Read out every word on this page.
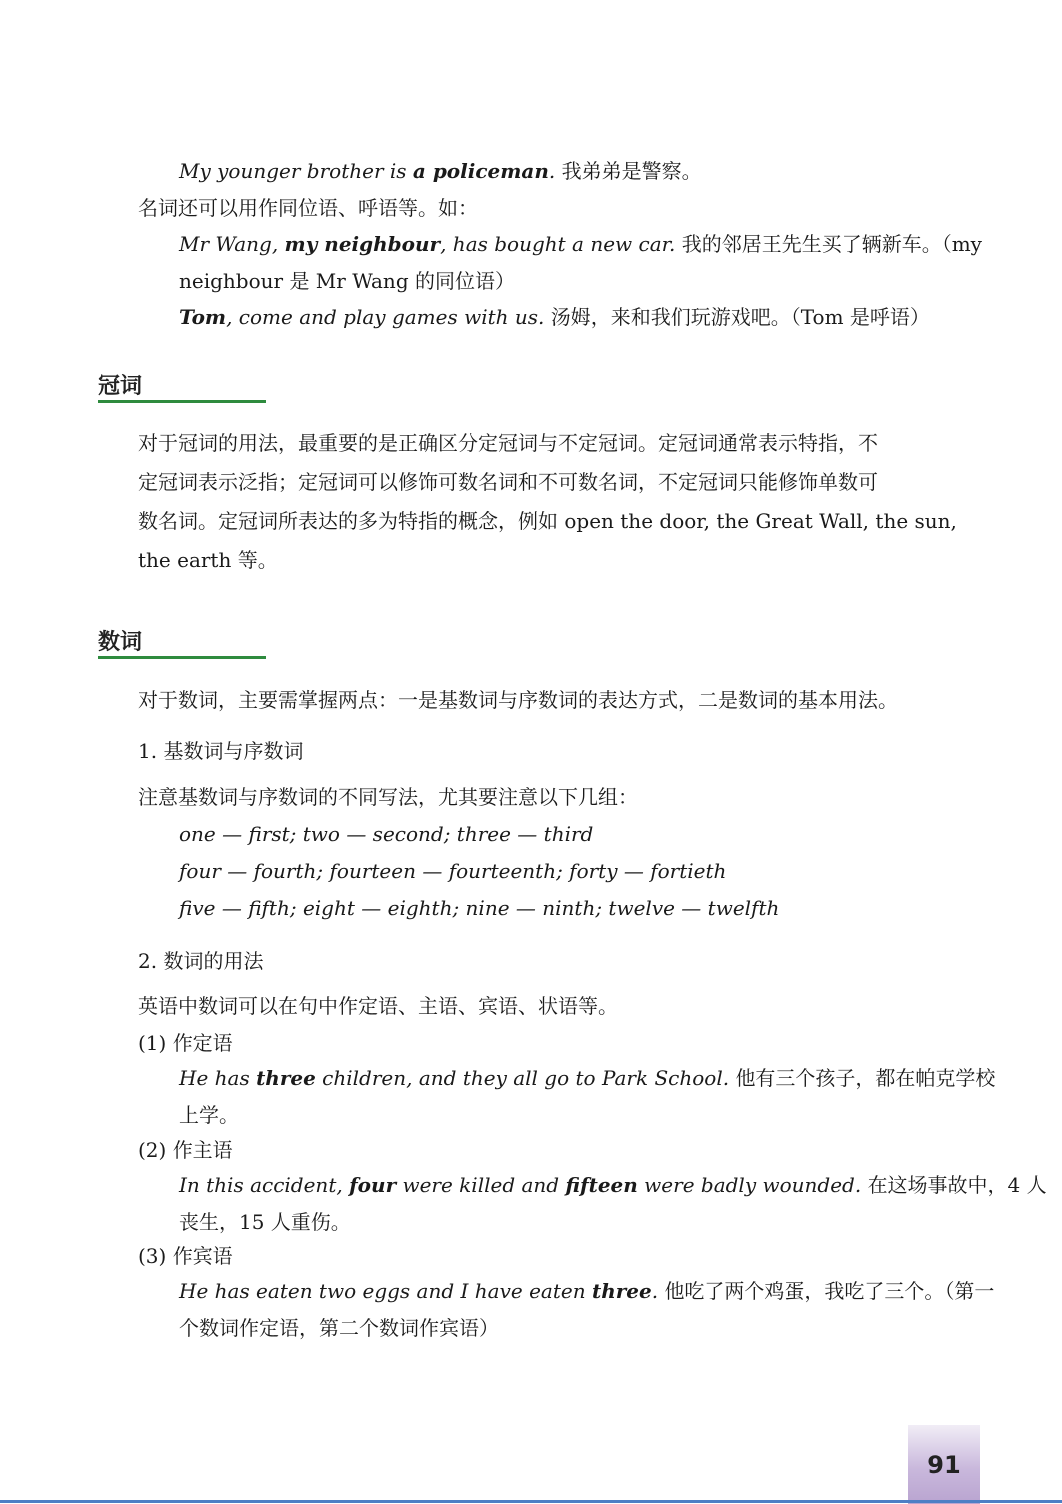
My younger brother is a policeman. 我弟弟是警察。
名词还可以用作同位语、呼语等。如：
Mr Wang, my neighbour, has bought a new car. 我的邻居王先生买了辆新车。（my
neighbour 是 Mr Wang 的同位语）
Tom, come and play games with us. 汤姆，来和我们玩游戏吧。（Tom 是呼语）
冠词
对于冠词的用法，最重要的是正确区分定冠词与不定冠词。定冠词通常表示特指，不
定冠词表示泛指；定冠词可以修饰可数名词和不可数名词，不定冠词只能修饰单数可
数名词。定冠词所表达的多为特指的概念，例如 open the door, the Great Wall, the sun,
the earth 等。
数词
对于数词，主要需掌握两点：一是基数词与序数词的表达方式，二是数词的基本用法。
1. 基数词与序数词
注意基数词与序数词的不同写法，尤其要注意以下几组：
one — first; two — second; three — third
four — fourth; fourteen — fourteenth; forty — fortieth
five — fifth; eight — eighth; nine — ninth; twelve — twelfth
2. 数词的用法
英语中数词可以在句中作定语、主语、宾语、状语等。
(1) 作定语
He has three children, and they all go to Park School. 他有三个孩子，都在帕克学校
上学。
(2) 作主语
In this accident, four were killed and fifteen were badly wounded. 在这场事故中，4 人
丧生，15 人重伤。
(3) 作宾语
He has eaten two eggs and I have eaten three. 他吃了两个鸡蛋，我吃了三个。（第一
个数词作定语，第二个数词作宾语）
91
